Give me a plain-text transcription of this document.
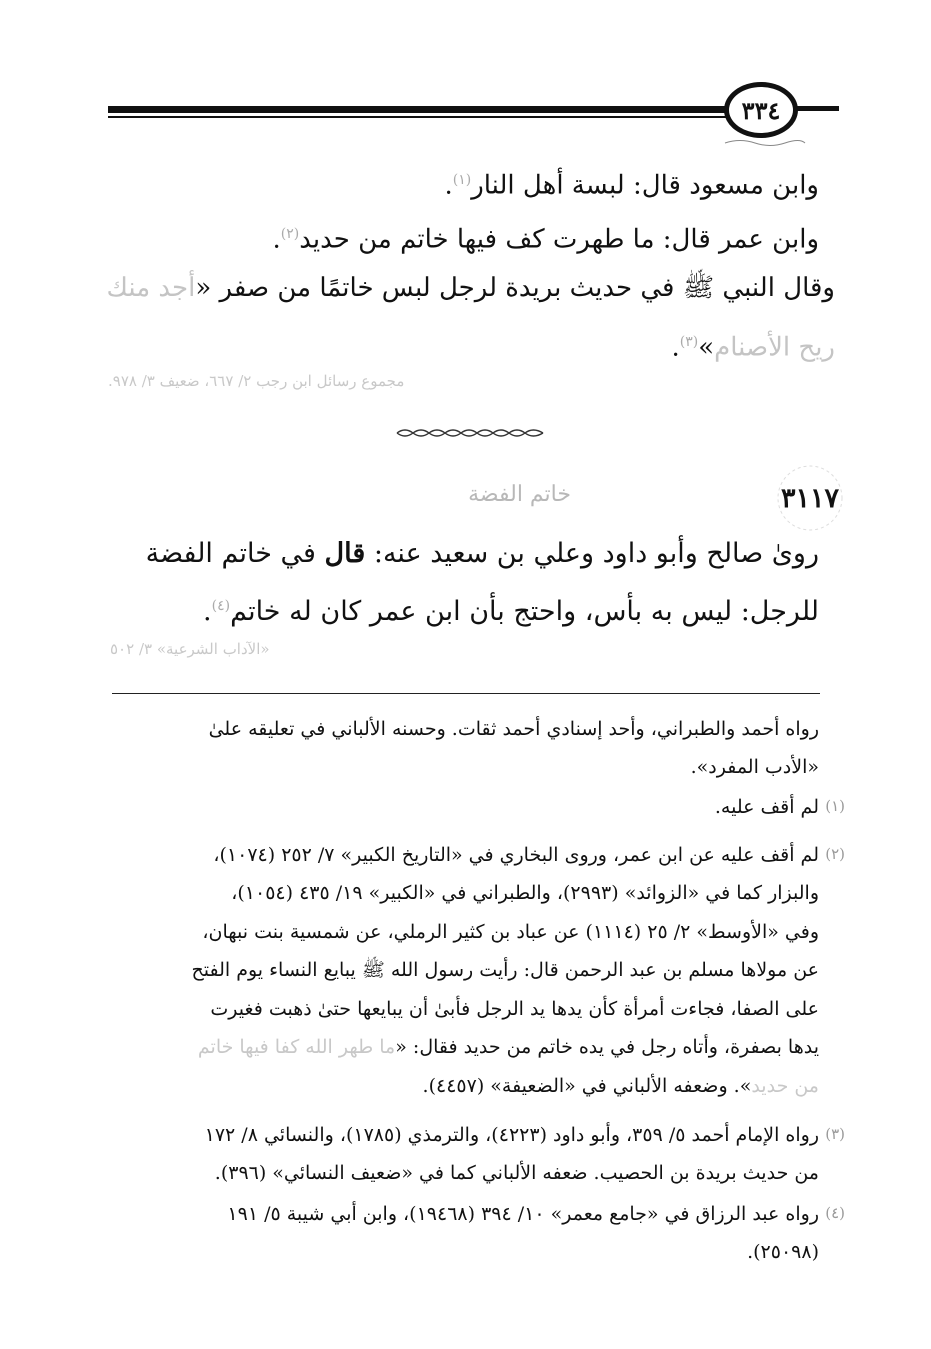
٣٣٤
وابن مسعود قال: لبسة أهل النار$^{(١)}$.
وابن عمر قال: ما طهرت كف فيها خاتم من حديد$^{(٢)}$.
وقال النبي ﷺ في حديث بريدة لرجل لبس خاتمًا من صفر «أجد منك
ريح الأصنام»$^{(٣)}$.
مجموع رسائل ابن رجب ٢/ ٦٦٧، ضعيف ٣/ ٩٧٨.
٣١١٧
خاتم الفضة
روىٰ صالح وأبو داود وعلي بن سعيد عنه: قال في خاتم الفضة
للرجل: ليس به بأس، واحتج بأن ابن عمر كان له خاتم$^{(٤)}$.
«الآداب الشرعية» ٣/ ٥٠٢
رواه أحمد والطبراني، وأحد إسنادي أحمد ثقات. وحسنه الألباني في تعليقه علىٰ
«الأدب المفرد».
(١)
لم أقف عليه.
(٢)
لم أقف عليه عن ابن عمر، وروى البخاري في «التاريخ الكبير» ٧/ ٢٥٢ (١٠٧٤)،
والبزار كما في «الزوائد» (٢٩٩٣)، والطبراني في «الكبير» ١٩/ ٤٣٥ (١٠٥٤)،
وفي «الأوسط» ٢/ ٢٥ (١١١٤) عن عباد بن كثير الرملي، عن شمسية بنت نبهان،
عن مولاها مسلم بن عبد الرحمن قال: رأيت رسول الله ﷺ يبايع النساء يوم الفتح
على الصفا، فجاءت أمرأة كأن يدها يد الرجل فأبىٰ أن يبايعها حتىٰ ذهبت فغيرت
يدها بصفرة، وأتاه رجل في يده خاتم من حديد فقال: «ما طهر الله كفا فيها خاتم
من حديد». وضعفه الألباني في «الضعيفة» (٤٤٥٧).
(٣)
رواه الإمام أحمد ٥/ ٣٥٩، وأبو داود (٤٢٢٣)، والترمذي (١٧٨٥)، والنسائي ٨/ ١٧٢
من حديث بريدة بن الحصيب. ضعفه الألباني كما في «ضعيف النسائي» (٣٩٦).
(٤)
رواه عبد الرزاق في «جامع معمر» ١٠/ ٣٩٤ (١٩٤٦٨)، وابن أبي شيبة ٥/ ١٩١
(٢٥٠٩٨).
